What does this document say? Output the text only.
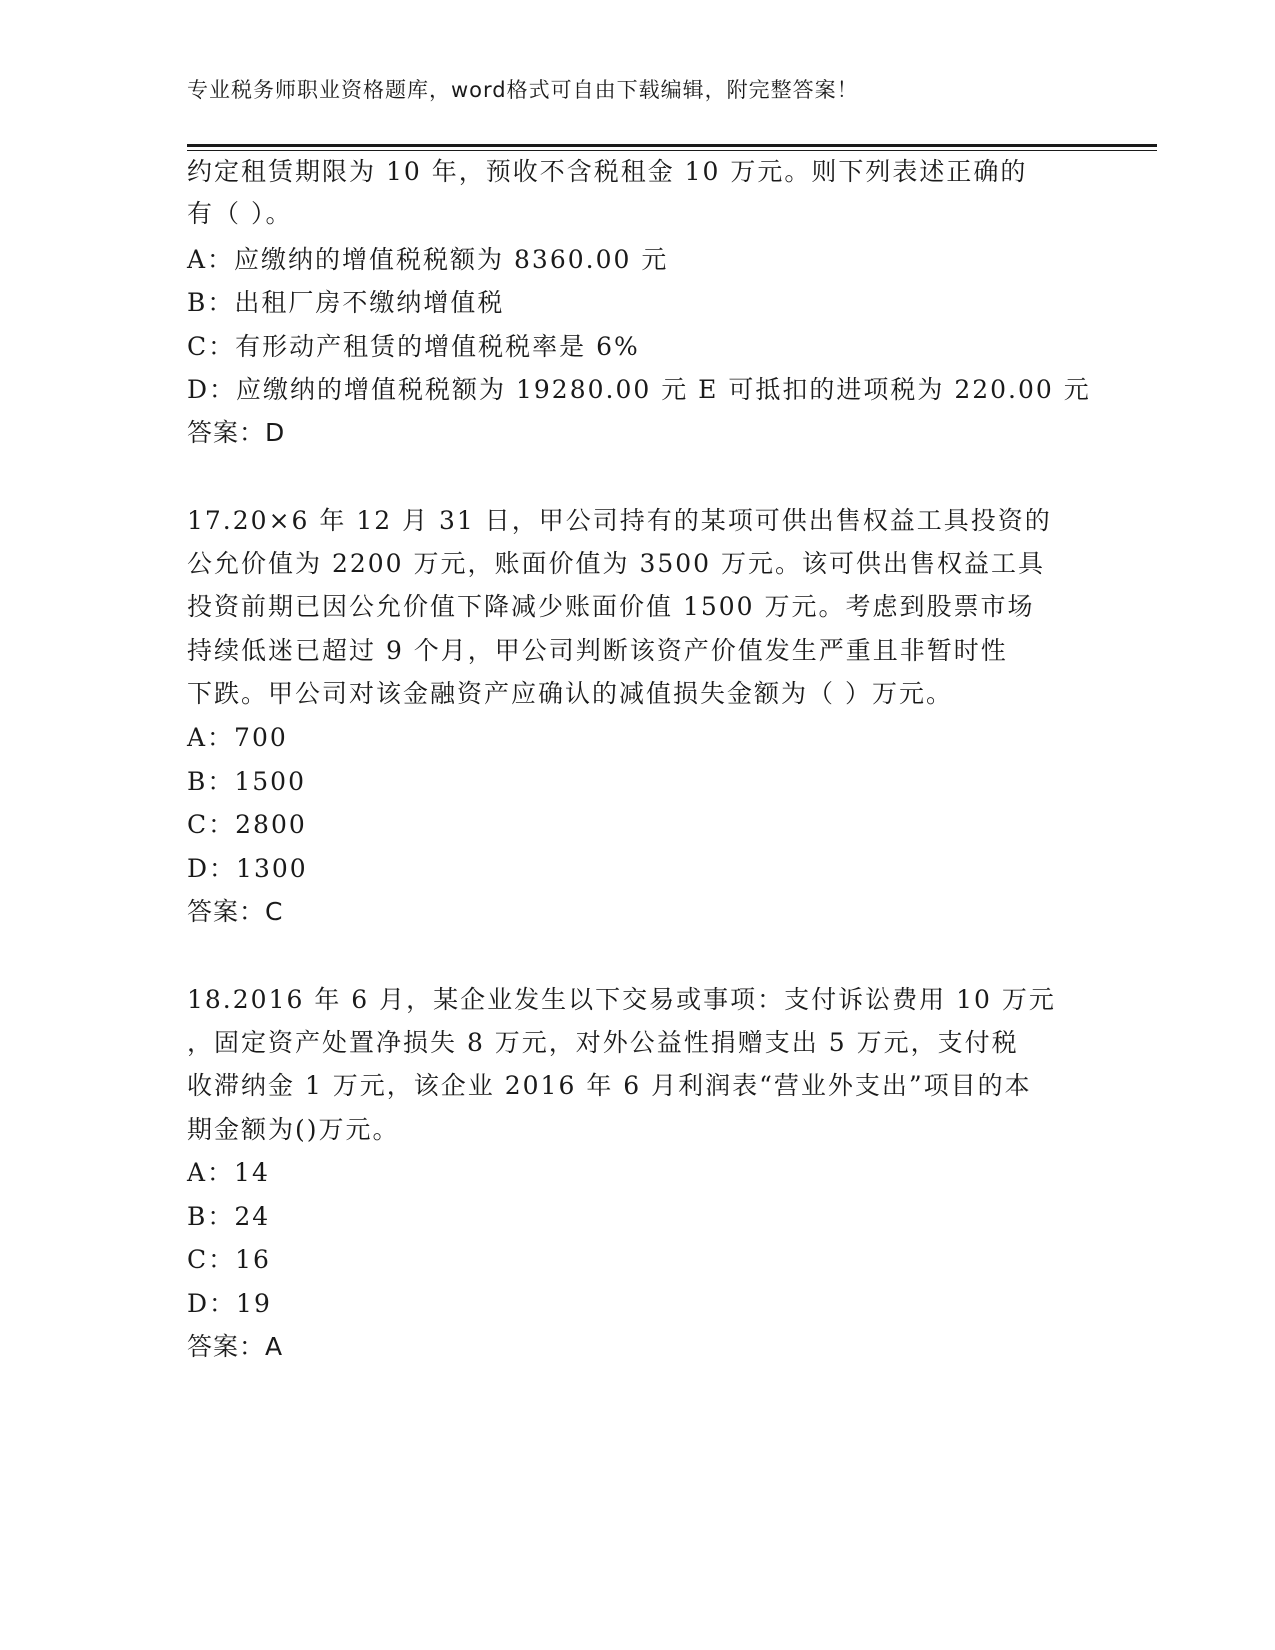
专业税务师职业资格题库，word格式可自由下载编辑，附完整答案！
约定租赁期限为 10 年，预收不含税租金 10 万元。则下列表述正确的
有（ ）。
A：应缴纳的增值税税额为 8360.00 元
B：出租厂房不缴纳增值税
C：有形动产租赁的增值税税率是 6%
D：应缴纳的增值税税额为 19280.00 元 E 可抵扣的进项税为 220.00 元
答案：D
17.20×6 年 12 月 31 日，甲公司持有的某项可供出售权益工具投资的
公允价值为 2200 万元，账面价值为 3500 万元。该可供出售权益工具
投资前期已因公允价值下降减少账面价值 1500 万元。考虑到股票市场
持续低迷已超过 9 个月，甲公司判断该资产价值发生严重且非暂时性
下跌。甲公司对该金融资产应确认的减值损失金额为（ ）万元。
A：700
B：1500
C：2800
D：1300
答案：C
18.2016 年 6 月，某企业发生以下交易或事项：支付诉讼费用 10 万元
，固定资产处置净损失 8 万元，对外公益性捐赠支出 5 万元，支付税
收滞纳金 1 万元，该企业 2016 年 6 月利润表“营业外支出”项目的本
期金额为()万元。
A：14
B：24
C：16
D：19
答案：A
